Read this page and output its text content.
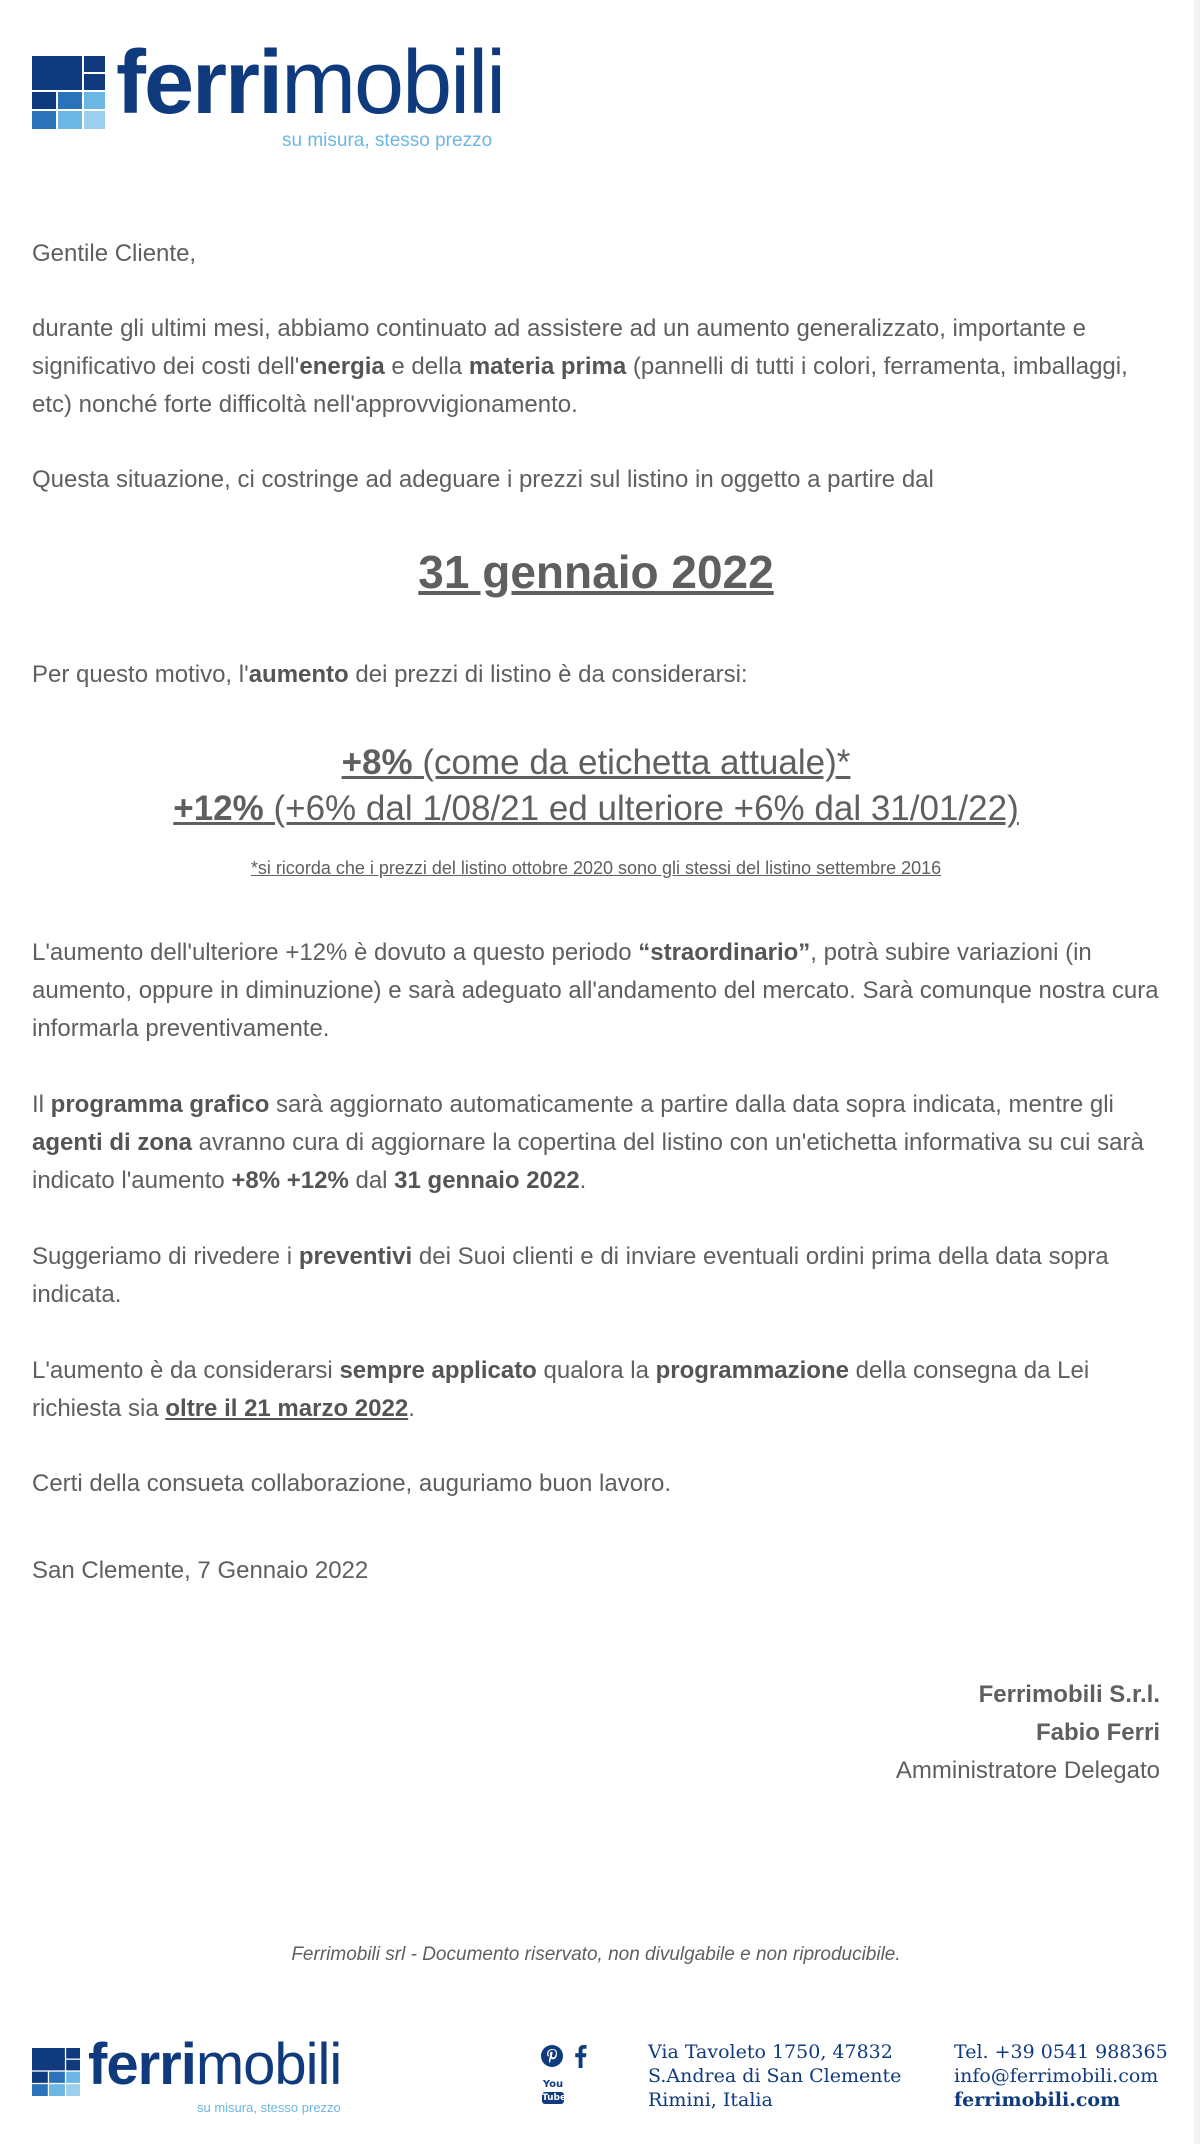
ferrimobili
su misura, stesso prezzo

Gentile Cliente,

durante gli ultimi mesi, abbiamo continuato ad assistere ad un aumento generalizzato, importante e significativo dei costi dell'energia e della materia prima (pannelli di tutti i colori, ferramenta, imballaggi, etc) nonché forte difficoltà nell'approvvigionamento.

Questa situazione, ci costringe ad adeguare i prezzi sul listino in oggetto a partire dal

31 gennaio 2022

Per questo motivo, l'aumento dei prezzi di listino è da considerarsi:

+8% (come da etichetta attuale)*
+12% (+6% dal 1/08/21 ed ulteriore +6% dal 31/01/22)
*si ricorda che i prezzi del listino ottobre 2020 sono gli stessi del listino settembre 2016

L'aumento dell'ulteriore +12% è dovuto a questo periodo “straordinario”, potrà subire variazioni (in aumento, oppure in diminuzione) e sarà adeguato all'andamento del mercato. Sarà comunque nostra cura informarla preventivamente.

Il programma grafico sarà aggiornato automaticamente a partire dalla data sopra indicata, mentre gli agenti di zona avranno cura di aggiornare la copertina del listino con un'etichetta informativa su cui sarà indicato l'aumento +8% +12% dal 31 gennaio 2022.

Suggeriamo di rivedere i preventivi dei Suoi clienti e di inviare eventuali ordini prima della data sopra indicata.

L'aumento è da considerarsi sempre applicato qualora la programmazione della consegna da Lei richiesta sia oltre il 21 marzo 2022.

Certi della consueta collaborazione, auguriamo buon lavoro.

San Clemente, 7 Gennaio 2022

Ferrimobili S.r.l.
Fabio Ferri
Amministratore Delegato
Ferrimobili srl - Documento riservato, non divulgabile e non riproducibile.
ferrimobili
su misura, stesso prezzo
You
Tube
Via Tavoleto 1750, 47832
S.Andrea di San Clemente
Rimini, Italia
Tel. +39 0541 988365
info@ferrimobili.com
ferrimobili.com
